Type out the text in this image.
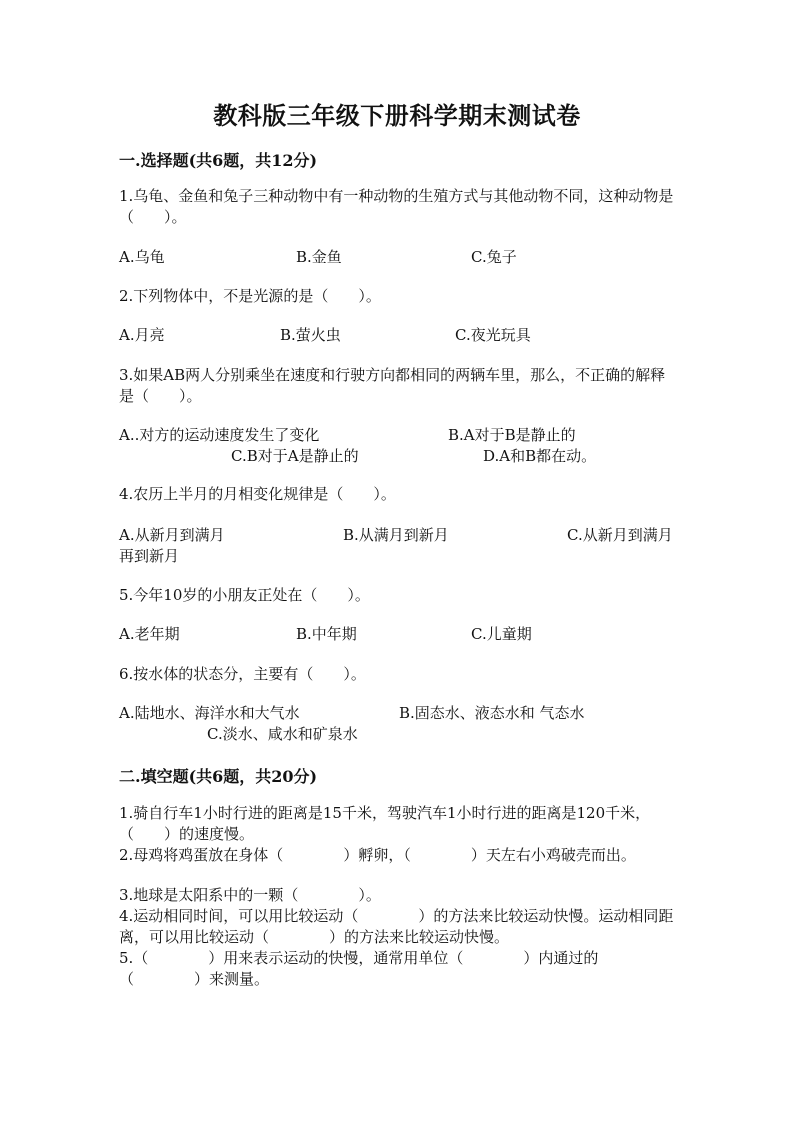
教科版三年级下册科学期末测试卷
一.选择题(共6题，共12分)
1.乌龟、金鱼和兔子三种动物中有一种动物的生殖方式与其他动物不同，这种动物是（　　）。
A.乌龟	B.金鱼	C.兔子
2.下列物体中，不是光源的是（　　）。
A.月亮	B.萤火虫	C.夜光玩具
3.如果AB两人分别乘坐在速度和行驶方向都相同的两辆车里，那么，不正确的解释是（　　）。
A..对方的运动速度发生了变化	B.A对于B是静止的
C.B对于A是静止的	D.A和B都在动。
4.农历上半月的月相变化规律是（　　）。
A.从新月到满月	B.从满月到新月	C.从新月到满月再到新月
5.今年10岁的小朋友正处在（　　）。
A.老年期	B.中年期	C.儿童期
6.按水体的状态分，主要有（　　）。
A.陆地水、海洋水和大气水	B.固态水、液态水和 气态水
C.淡水、咸水和矿泉水
二.填空题(共6题，共20分)
1.骑自行车1小时行进的距离是15千米，驾驶汽车1小时行进的距离是120千米，（　　）的速度慢。
2.母鸡将鸡蛋放在身体（　　　　）孵卵，（　　　　）天左右小鸡破壳而出。
3.地球是太阳系中的一颗（　　　　）。
4.运动相同时间，可以用比较运动（　　　　）的方法来比较运动快慢。运动相同距离，可以用比较运动（　　　　）的方法来比较运动快慢。
5.（　　　　）用来表示运动的快慢，通常用单位（　　　　）内通过的（　　　　）来测量。
